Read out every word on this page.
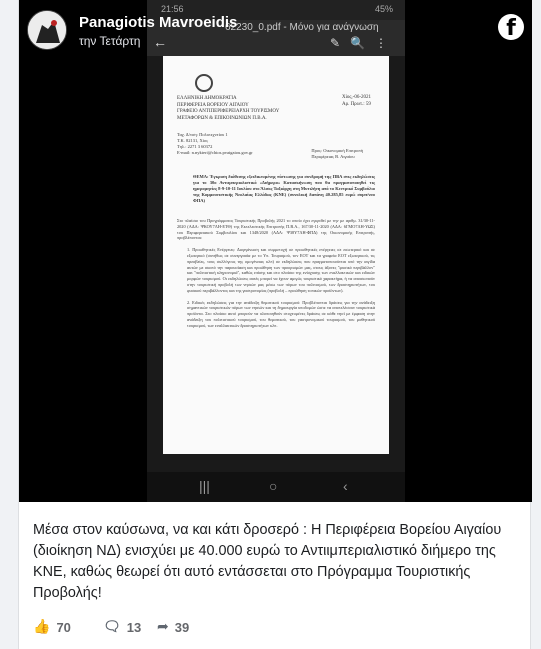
Panagiotis Mavroeidis
την Τετάρτη	f
21:56	45%
←
62230_0.pdf - Μόνο για ανάγνωση
✎🔍⋮
ΕΛΛΗΝΙΚΗ ΔΗΜΟΚΡΑΤΙΑ
ΠΕΡΙΦΕΡΕΙΑ ΒΟΡΕΙΟΥ ΑΙΓΑΙΟΥ
ΓΡΑΦΕΙΟ ΑΝΤΙΠΕΡΙΦΕΡΕΙΑΡΧΗ ΤΟΥΡΙΣΜΟΥ
ΜΕΤΑΦΟΡΩΝ & ΕΠΙΚΟΙΝΩΝΙΩΝ Π.Β.Α.
Χίος,-06-2021
Αρ. Πρωτ.: 59
Ταχ. Δ/νση: Πολυτεχνείου 1
Τ.Κ. 82131, Χίος
Τηλ.: 2271 3 60372
E-mail: n.nykteri@chios.pvaigaiou.gov.gr	Προς: Οικονομική Επιτροπή
Περιφέρειας Β. Αιγαίου
ΘΕΜΑ: Έγκριση διάθεσης εξειδικευμένης πίστωσης για συνδρομή της ΠΒΑ στις εκδηλώσεις για το 30ο Αντιιμπεριαλιστικό «Διήμερο» Κατασκήνωση που θα πραγματοποιηθεί τις ημερομηνίες 8-9-10-11 Ιουλίου στο Άλσος Ταξιάρχη στη Μυτιλήνη από το Κεντρικό Συμβούλιο της Κομμουνιστικής Νεολαίας Ελλάδας (ΚΝΕ) (συνολική δαπάνη 40.285,85 ευρώ συμπ/νου ΦΠΑ)
Στο πλαίσιο του Προγράμματος Τουριστικής Προβολής 2021 το οποίο έχει εγκριθεί με την με αριθμ. 31/30-11-2020 (ΑΔΑ: ΨΚΟΥ7ΛΗ-ΕΤΘ) της Εκτελεστικής Επιτροπής Π.Β.Α., 167/30-11-2020 (ΑΔΑ: 6ΓΜΟ7ΛΗ-ΥΩΣ) του Περιφερειακού Συμβουλίου και 1348/2020 (ΑΔΑ: Ψ38Υ7ΛΗ-ΦΠΔ) της Οικονομικής Επιτροπής, προβλέπονται:
1. Προωθητικές Ενέργειες: Διοργάνωση και συμμετοχή σε προωθητικές ενέργειες σε εσωτερικό και σε εξωτερικό (συνήθως σε συνεργασία με το Υπ. Τουρισμού, τον ΕΟΤ και τα γραφεία ΕΟΤ εξωτερικού, τις πρεσβείες, τους συλλόγους της ομογένειας κλπ) σε εκδηλώσεις που πραγματοποιούνται υπό την αιγίδα αυτών με σκοπό την παρουσίαση και προώθηση των προορισμών μας, στους άξονες "φυσικό περιβάλλον" και "πολιτιστική κληρονομιά", καθώς επίσης και στο πλαίσιο της ενίσχυσης των εναλλακτικών και ειδικών μορφών τουρισμού. Οι εκδηλώσεις αυτές μπορεί να έχουν αμιγώς τουριστικό χαρακτήρα, ή να αποσκοπούν στην τουριστική προβολή των νησιών μας μέσω των πόρων του πολιτισμού, των δραστηριοτήτων, του φυσικού περιβάλλοντος και της γαστρονομίας (προβολή – προώθηση τοπικών προϊόντων).
2. Ειδικές εκδηλώσεις για την ανάδειξη θεματικού τουρισμού: Προβλέπονται δράσεις για την ανάδειξη σημαντικών τουριστικών πόρων των νησιών και τη δημιουργία υποδομών ώστε να αποτελέσουν τουριστικά προϊόντα. Στο πλαίσιο αυτό μπορούν να υλοποιηθούν στοχευμένες δράσεις σε κάθε νησί με έμφαση στην ανάδειξη του πολιτιστικού τουρισμού, του θεματικού, του γαστρονομικού τουρισμού, του μαθητικού τουρισμού, των εναλλακτικών δραστηριοτήτων κλπ.
|||	○	‹
Μέσα στον καύσωνα, να και κάτι δροσερό : Η Περιφέρεια Βορείου Αιγαίου (διοίκηση ΝΔ) ενισχύει με 40.000 ευρώ το Αντιιμπεριαλιστικό διήμερο της ΚΝΕ, καθώς θεωρεί ότι αυτό εντάσσεται στο Πρόγραμμα Τουριστικής Προβολής!
👍 70 🗨 13 ➦ 39
